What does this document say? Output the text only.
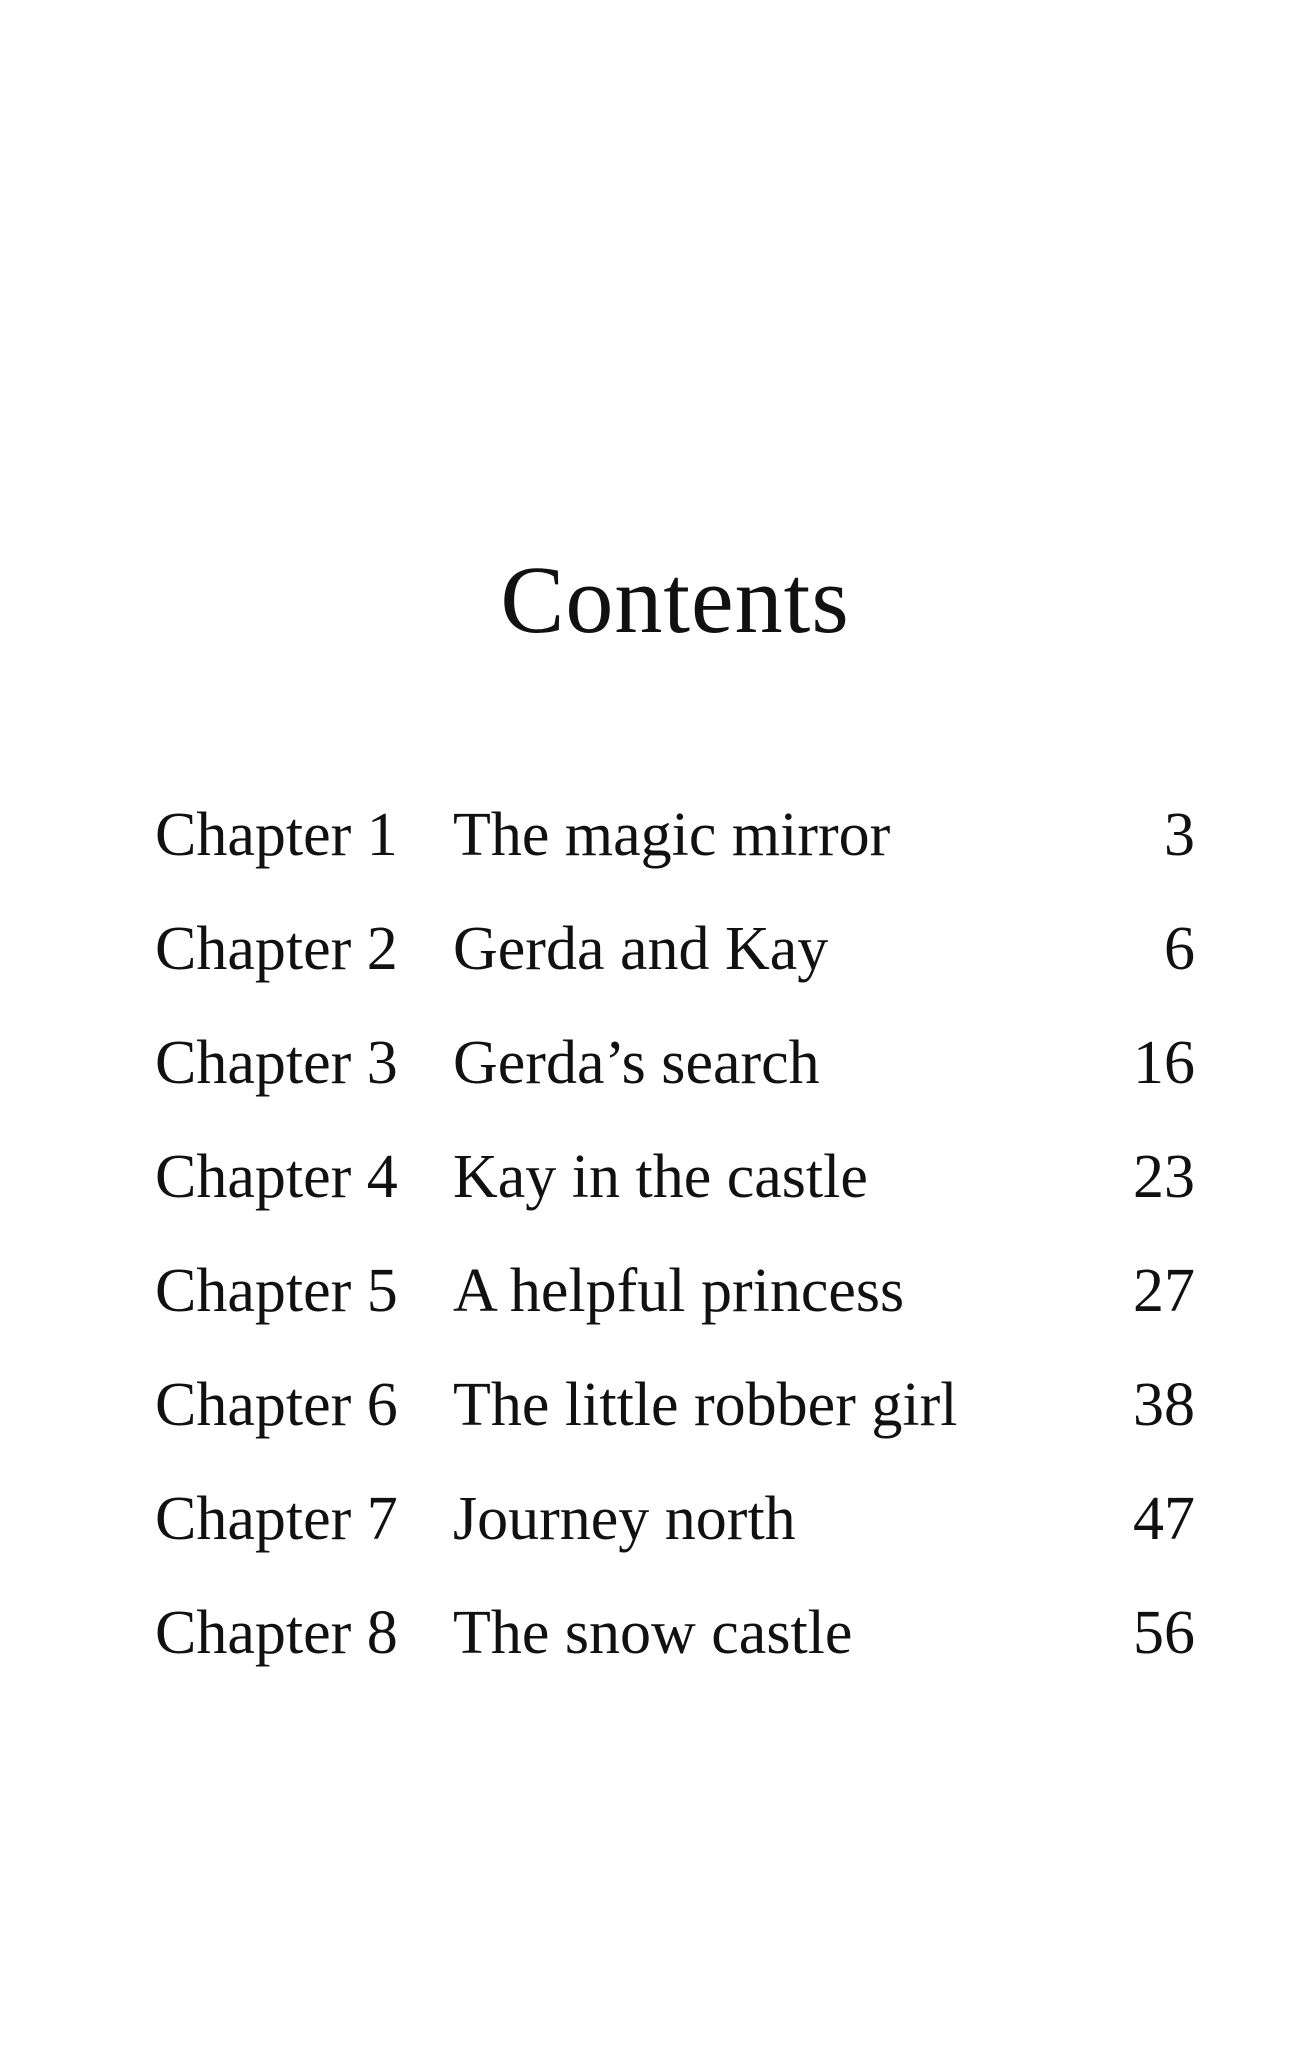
Contents
Chapter 1 The magic mirror	3
Chapter 2 Gerda and Kay	6
Chapter 3 Gerda’s search	16
Chapter 4 Kay in the castle	23
Chapter 5 A helpful princess	27
Chapter 6 The little robber girl	38
Chapter 7 Journey north	47
Chapter 8 The snow castle	56
